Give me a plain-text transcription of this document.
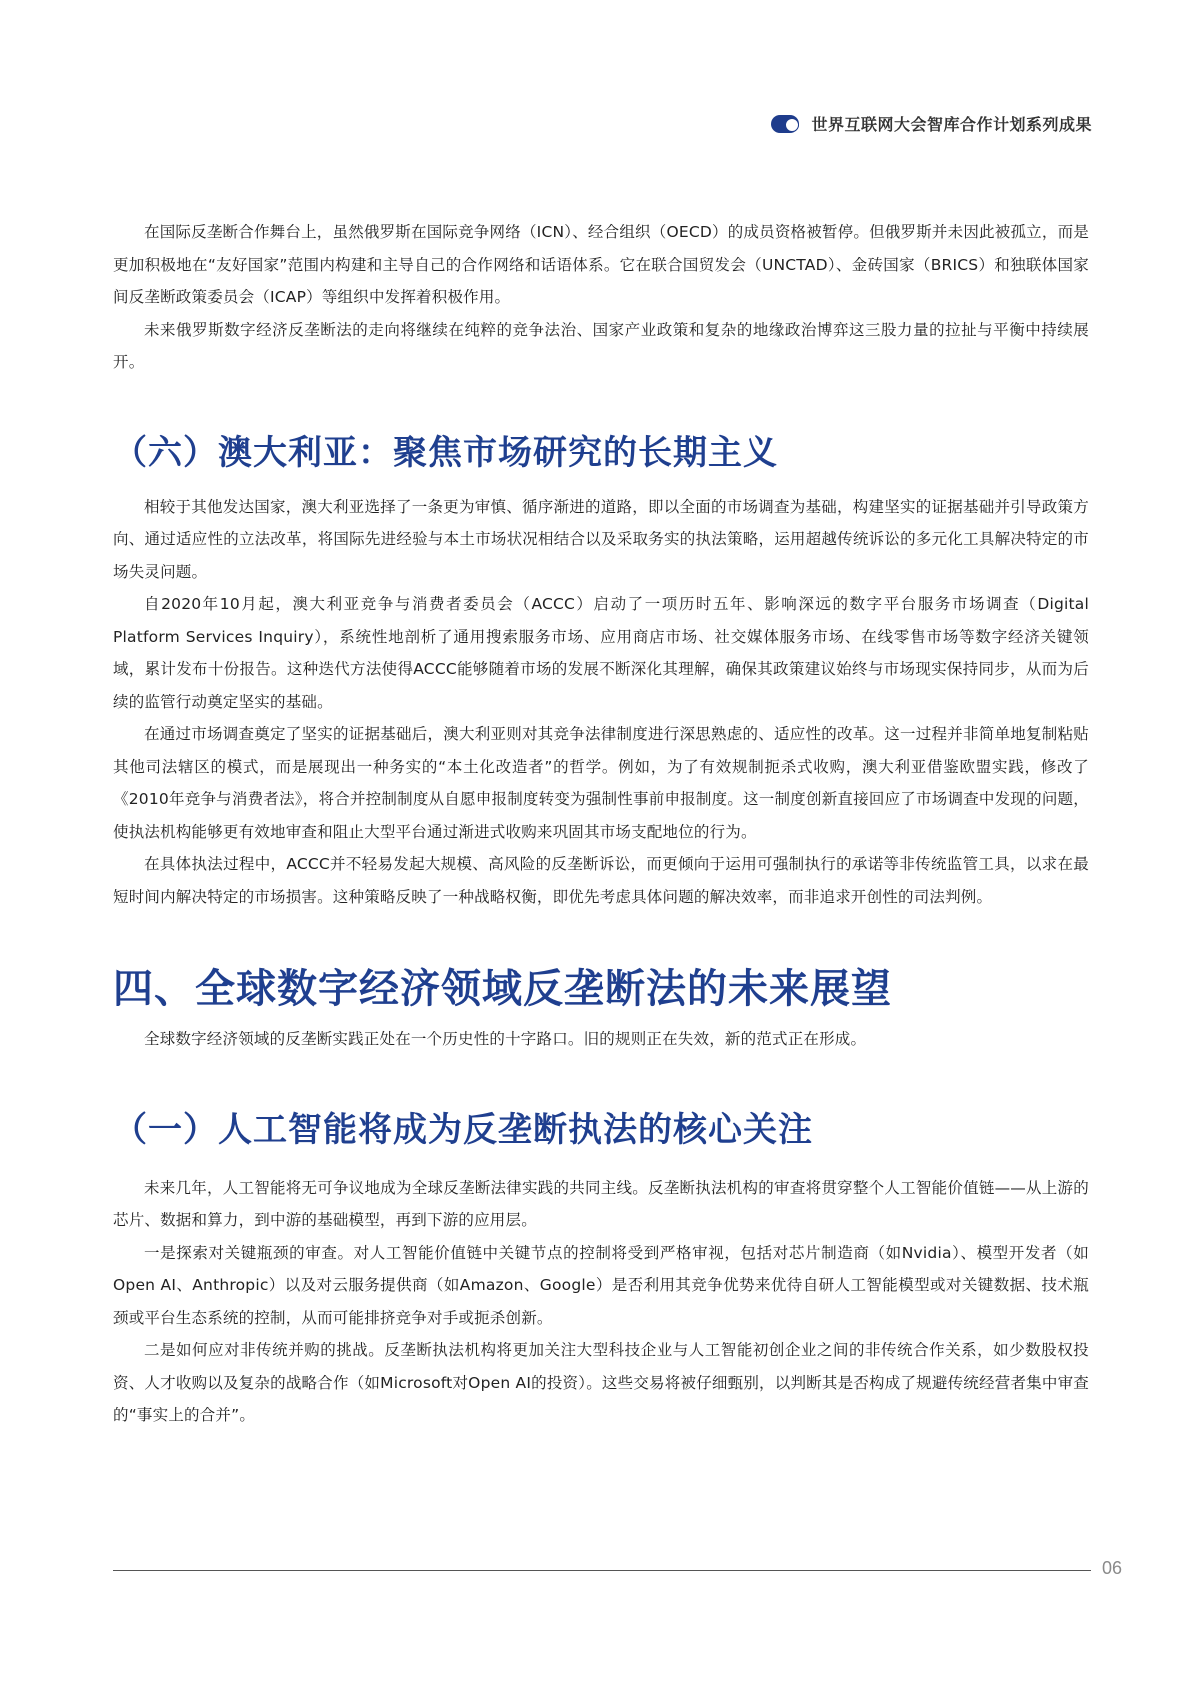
世界互联网大会智库合作计划系列成果

在国际反垄断合作舞台上，虽然俄罗斯在国际竞争网络（ICN）、经合组织（OECD）的成员资格被暂停。但俄罗斯并未因此被孤立，而是更加积极地在“友好国家”范围内构建和主导自己的合作网络和话语体系。它在联合国贸发会（UNCTAD）、金砖国家（BRICS）和独联体国家间反垄断政策委员会（ICAP）等组织中发挥着积极作用。

未来俄罗斯数字经济反垄断法的走向将继续在纯粹的竞争法治、国家产业政策和复杂的地缘政治博弈这三股力量的拉扯与平衡中持续展开。

（六）澳大利亚：聚焦市场研究的长期主义

相较于其他发达国家，澳大利亚选择了一条更为审慎、循序渐进的道路，即以全面的市场调查为基础，构建坚实的证据基础并引导政策方向、通过适应性的立法改革，将国际先进经验与本土市场状况相结合以及采取务实的执法策略，运用超越传统诉讼的多元化工具解决特定的市场失灵问题。

自2020年10月起，澳大利亚竞争与消费者委员会（ACCC）启动了一项历时五年、影响深远的数字平台服务市场调查（Digital Platform Services Inquiry），系统性地剖析了通用搜索服务市场、应用商店市场、社交媒体服务市场、在线零售市场等数字经济关键领域，累计发布十份报告。这种迭代方法使得ACCC能够随着市场的发展不断深化其理解，确保其政策建议始终与市场现实保持同步，从而为后续的监管行动奠定坚实的基础。

在通过市场调查奠定了坚实的证据基础后，澳大利亚则对其竞争法律制度进行深思熟虑的、适应性的改革。这一过程并非简单地复制粘贴其他司法辖区的模式，而是展现出一种务实的“本土化改造者”的哲学。例如，为了有效规制扼杀式收购，澳大利亚借鉴欧盟实践，修改了《2010年竞争与消费者法》，将合并控制制度从自愿申报制度转变为强制性事前申报制度。这一制度创新直接回应了市场调查中发现的问题，使执法机构能够更有效地审查和阻止大型平台通过渐进式收购来巩固其市场支配地位的行为。

在具体执法过程中，ACCC并不轻易发起大规模、高风险的反垄断诉讼，而更倾向于运用可强制执行的承诺等非传统监管工具，以求在最短时间内解决特定的市场损害。这种策略反映了一种战略权衡，即优先考虑具体问题的解决效率，而非追求开创性的司法判例。

四、全球数字经济领域反垄断法的未来展望

全球数字经济领域的反垄断实践正处在一个历史性的十字路口。旧的规则正在失效，新的范式正在形成。

（一）人工智能将成为反垄断执法的核心关注

未来几年，人工智能将无可争议地成为全球反垄断法律实践的共同主线。反垄断执法机构的审查将贯穿整个人工智能价值链——从上游的芯片、数据和算力，到中游的基础模型，再到下游的应用层。

一是探索对关键瓶颈的审查。对人工智能价值链中关键节点的控制将受到严格审视，包括对芯片制造商（如Nvidia）、模型开发者（如Open AI、Anthropic）以及对云服务提供商（如Amazon、Google）是否利用其竞争优势来优待自研人工智能模型或对关键数据、技术瓶颈或平台生态系统的控制，从而可能排挤竞争对手或扼杀创新。

二是如何应对非传统并购的挑战。反垄断执法机构将更加关注大型科技企业与人工智能初创企业之间的非传统合作关系，如少数股权投资、人才收购以及复杂的战略合作（如Microsoft对Open AI的投资）。这些交易将被仔细甄别，以判断其是否构成了规避传统经营者集中审查的“事实上的合并”。

06
